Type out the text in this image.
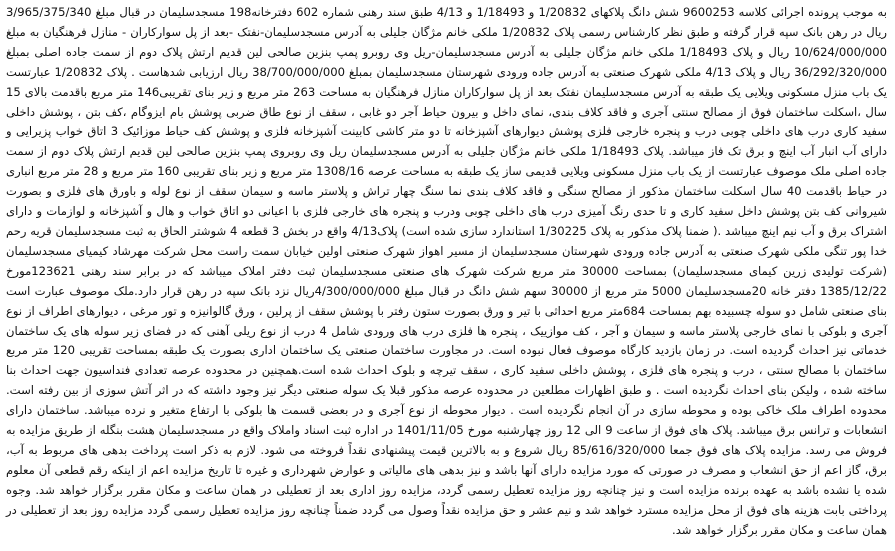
به موجب پرونده اجرائی کلاسه 9600253 شش دانگ پلاکهای 1/20832 و 1/18493 و 4/13 طبق سند رهنی شماره 602 دفترخانه198 مسجدسلیمان در قبال مبلغ 3/965/375/340 ریال در رهن بانک سپه قرار گرفته و طبق نظر کارشناس رسمی پلاک 1/20832 ملکی خانم مژگان جلیلی به آدرس مسجدسلیمان-نفتک -بعد از پل سوارکاران - منازل فرهنگیان به مبلغ 10/624/000/000 ریال و پلاک 1/18493 ملکی خانم مژگان جلیلی به آدرس مسجدسلیمان-ریل وی روبرو پمپ بنزین صالحی لین قدیم ارتش پلاک دوم از سمت جاده اصلی بمبلغ 36/292/320/000 ریال و پلاک 4/13 ملکی شهرک صنعتی به آدرس جاده ورودی شهرستان مسجدسلیمان بمبلغ 38/700/000/000 ریال ارزیابی شدهاست . پلاک 1/20832 عبارتست یک باب منزل مسکونی ویلایی یک طبقه به آدرس مسجدسلیمان نفتک بعد از پل سوارکاران منازل فرهنگیان به مساحت 263 متر مربع و زیر بنای تقریبی146 متر مربع باقدمت بالای 15 سال ،اسکلت ساختمان فوق از مصالح سنتی آجری و فاقد کلاف بندی، نمای داخل و بیرون حیاط آجر دو غابی ، سقف از نوع طاق ضربی پوشش بام ایزوگام ،کف بتن ، پوشش داخلی سفید کاری درب های داخلی چوبی درب و پنجره خارجی فلزی پوشش دیوارهای آشپزخانه تا دو متر کاشی کابینت آشپزخانه فلزی و پوشش کف حیاط موزائیک 3 اتاق خواب پزیرایی و دارای آب انبار آب اینچ و برق تک فاز میباشد. پلاک 1/18493 ملکی خانم مژگان جلیلی به آدرس مسجدسلیمان ریل وی روبروی پمپ بنزین صالحی لین قدیم ارتش پلاک دوم از سمت جاده اصلی ملک موصوف عبارتست از یک باب منزل مسکونی ویلایی قدیمی ساز یک طبقه به مساحت عرصه 1308/16 متر مربع و زیر بنای تقریبی 160 متر مربع و 28 متر مربع انباری در حیاط باقدمت 40 سال اسکلت ساختمان مذکور از مصالح سنگی و فاقد کلاف بندی نما سنگ چهار تراش و پلاستر ماسه و سیمان سقف از نوع لوله و باورق های فلزی و بصورت شیروانی کف بتن پوشش داخل سفید کاری و تا حدی رنگ آمیزی درب های داخلی چوبی ودرب و پنجره های خارجی فلزی با اعیانی دو اتاق خواب و هال و آشپزخانه و لوازمات و دارای اشتراک برق و آب نیم اینچ میباشد .( ضمنا پلاک مذکور به پلاک 1/30225 استاندارد سازی شده است) پلاک4/13 واقع در بخش 3 قطعه 4 شوشتر الحاق به ثبت مسجدسلیمان قریه رحم خدا پور تنگی ملکی شهرک صنعتی به آدرس جاده ورودی شهرستان مسجدسلیمان از مسیر اهواز شهرک صنعتی اولین خیابان سمت راست محل شرکت مهرشاد کیمیای مسجدسلیمان (شرکت تولیدی زرین کیمای مسجدسلیمان) بمساحت 30000 متر مربع شرکت شهرک های صنعتی مسجدسلیمان ثبت دفتر املاک میباشد که در برابر سند رهنی 123621مورخ 1385/12/22 دفتر خانه 20مسجدسلیمان 5000 متر مربع از 30000 سهم شش دانگ در قبال مبلغ 4/300/000/000ریال نزد بانک سپه در رهن قرار دارد.ملک موصوف عبارت است بنای صنعتی شامل دو سوله چسبیده بهم بمساحت 684متر مربع احداثی با تیر و ورق بصورت ستون رفتر با پوشش سقف از پرلین ، ورق گالوانیزه و تور مرغی ، دیوارهای اطراف از نوع آجری و بلوکی با نمای خارجی پلاستر ماسه و سیمان و آجر ، کف موازییک ، پنجره ها فلزی درب های ورودی شامل 4 درب از نوع ریلی آهنی که در فضای زیر سوله های یک ساختمان خدماتی نیز احداث گردیده است. در زمان بازدید کارگاه موصوف فعال نبوده است. در مجاورت ساختمان صنعتی یک ساختمان اداری بصورت یک طبقه بمساحت تقریبی 120 متر مربع ساختمان با مصالح سنتی ، درب و پنجره های فلزی ، پوشش داخلی سفید کاری ، سقف تیرچه و بلوک احداث شده است.همچنین در محدوده عرصه تعدادی فنداسیون جهت احداث بنا ساخته شده ، ولیکن بنای احداث نگردیده است . و طبق اظهارات مطلعین در محدوده عرصه مذکور قبلا یک سوله صنعتی دیگر نیز وجود داشته که در اثر آتش سوزی از بین رفته است. محدوده اطراف ملک خاکی بوده و محوطه سازی در آن انجام نگردیده است . دیوار محوطه از نوع آجری و در بعضی قسمت ها بلوکی با ارتفاع متغیر و نرده میباشد. ساختمان دارای انشعابات و ترانس برق میباشد. پلاک های فوق از ساعت 9 الی 12 روز چهارشنبه مورخ 1401/11/05 در اداره ثبت اسناد واملاک واقع در مسجدسلیمان هشت بنگله از طریق مزایده به فروش می رسد. مزایده پلاک های فوق جمعا 85/616/320/000 ریال شروع و به بالاترین قیمت پیشنهادی نقداً فروخته می شود. لازم به ذکر است پرداخت بدهی های مربوط به آب، برق، گاز اعم از حق انشعاب و مصرف در صورتی که مورد مزایده دارای آنها باشد و نیز بدهی های مالیاتی و عوارض شهرداری و غیره تا تاریخ مزایده اعم از اینکه رقم قطعی آن معلوم شده یا نشده باشد به عهده برنده مزایده است و نیز چنانچه روز مزایده تعطیل رسمی گردد، مزایده روز اداری بعد از تعطیلی در همان ساعت و مکان مقرر برگزار خواهد شد. وجوه پرداختی بابت هزینه های فوق از محل مزایده مسترد خواهد شد و نیم عشر و حق مزایده نقداً وصول می گردد ضمناً چنانچه روز مزایده تعطیل رسمی گردد مزایده روز بعد از تعطیلی در همان ساعت و مکان مقرر برگزار خواهد شد.
